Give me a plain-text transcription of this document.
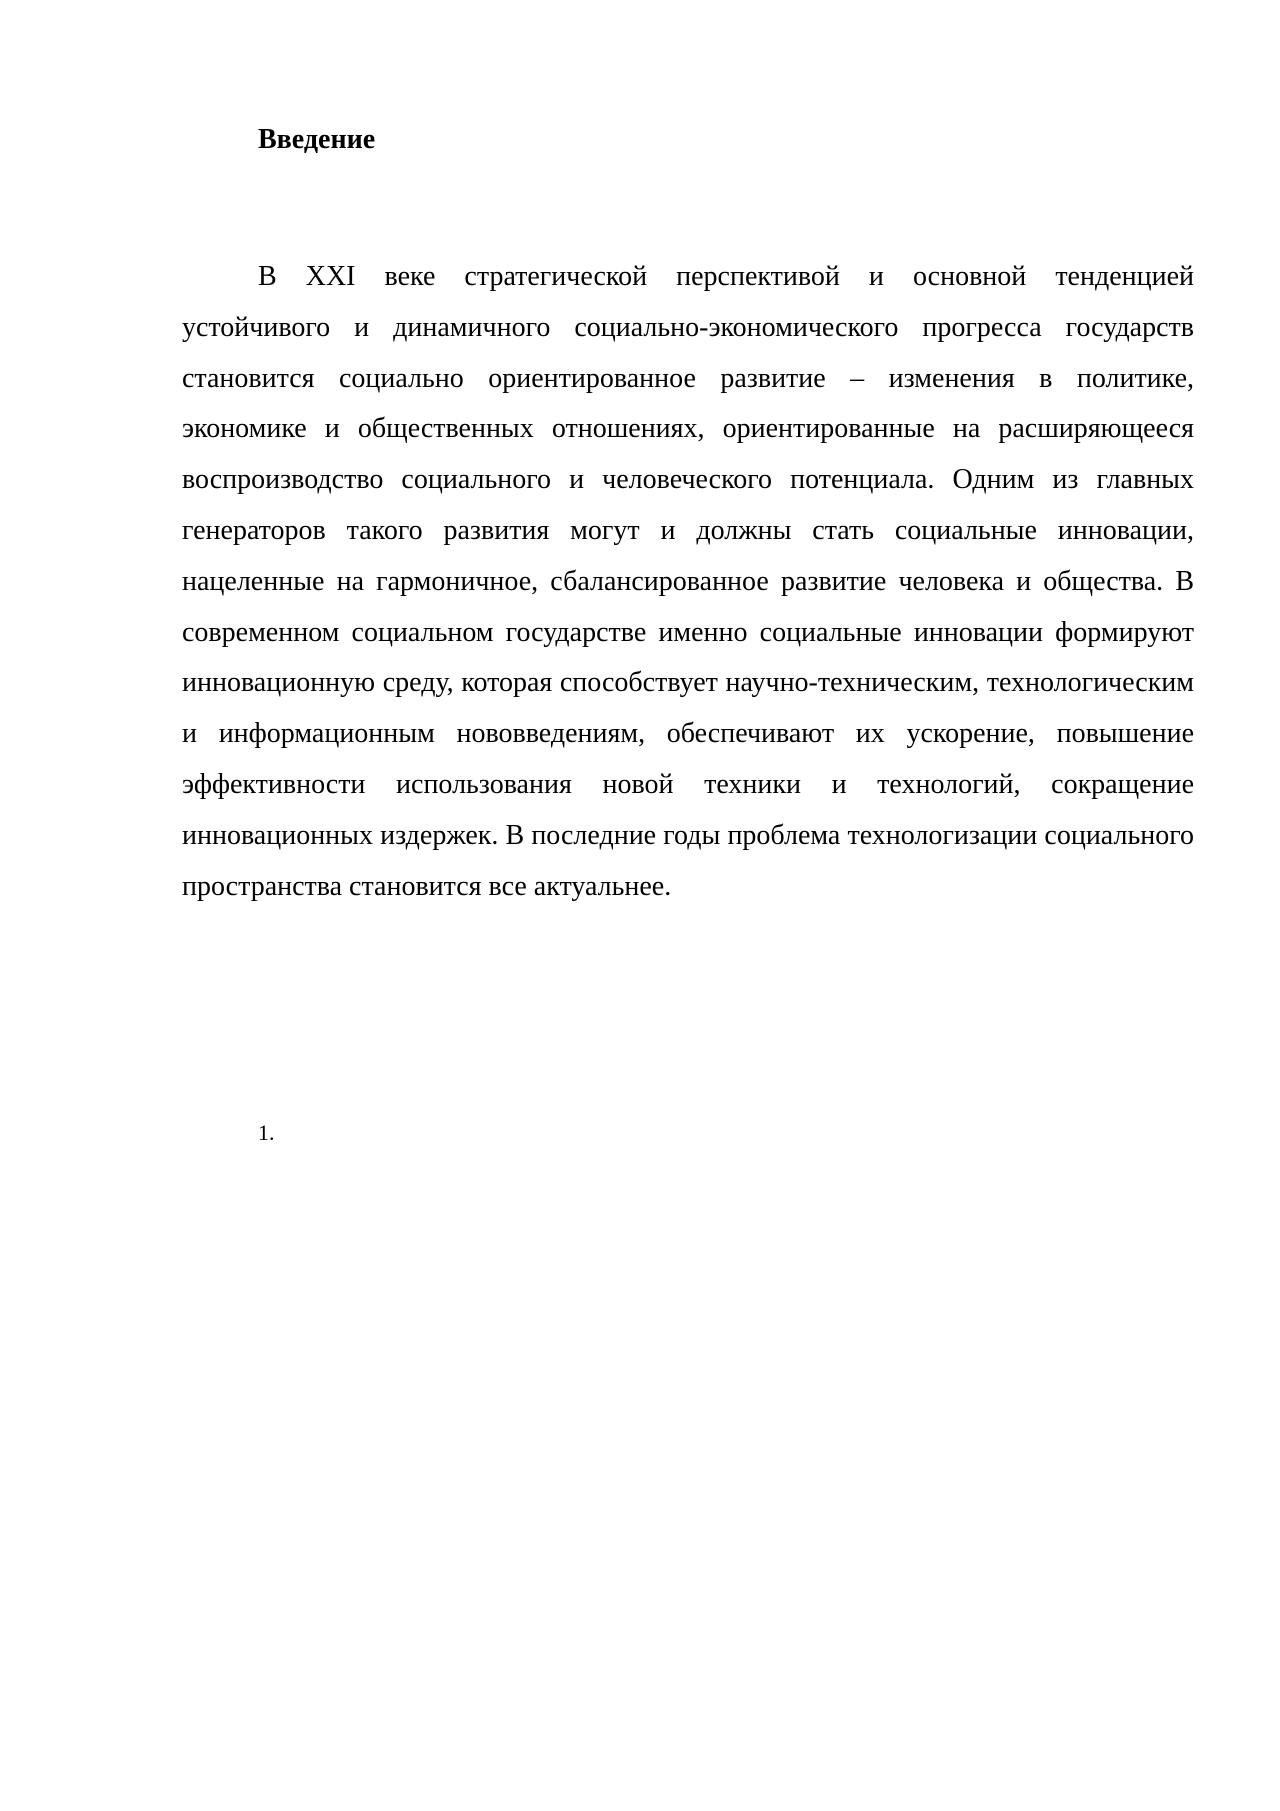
Введение

В XXI веке стратегической перспективой и основной тенденцией устойчивого и динамичного социально-экономического прогресса государств становится социально ориентированное развитие – изменения в политике, экономике и общественных отношениях, ориентированные на расширяющееся воспроизводство социального и человеческого потенциала. Одним из главных генераторов такого развития могут и должны стать социальные инновации, нацеленные на гармоничное, сбалансированное развитие человека и общества. В современном социальном государстве именно социальные инновации формируют инновационную среду, которая способствует научно-техническим, технологическим и информационным нововведениям, обеспечивают их ускорение, повышение эффективности использования новой техники и технологий, сокращение инновационных издержек. В последние годы проблема технологизации социального пространства становится все актуальнее.

1.
